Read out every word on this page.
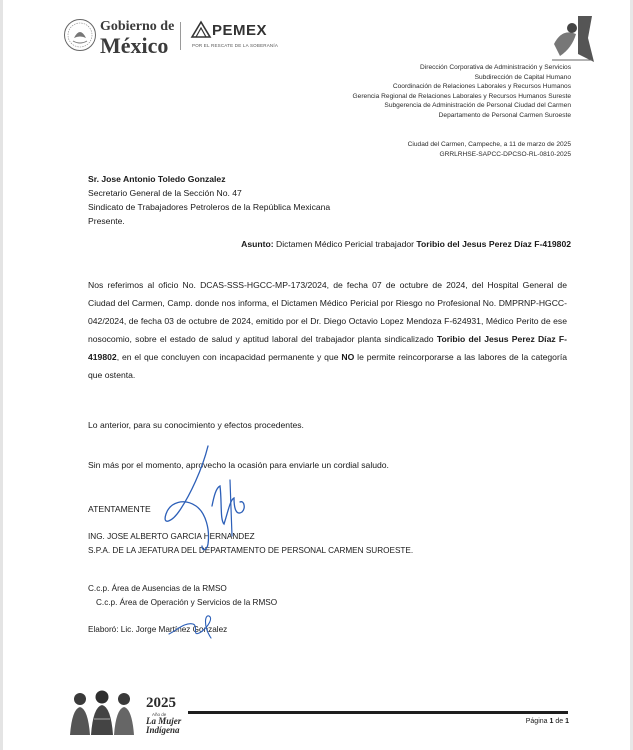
Gobierno de
México
PEMEX
POR EL RESCATE DE LA SOBERANÍA
Dirección Corporativa de Administración y Servicios
Subdirección de Capital Humano
Coordinación de Relaciones Laborales y Recursos Humanos
Gerencia Regional de Relaciones Laborales y Recursos Humanos Sureste
Subgerencia de Administración de Personal Ciudad del Carmen
Departamento de Personal Carmen Suroeste
Ciudad del Carmen, Campeche, a 11 de marzo de 2025
GRRLRHSE-SAPCC-DPCSO-RL-0810-2025
Sr. Jose Antonio Toledo Gonzalez
Secretario General de la Sección No. 47
Sindicato de Trabajadores Petroleros de la República Mexicana
Presente.
Asunto: Dictamen Médico Pericial trabajador Toribio del Jesus Perez Díaz F-419802
Nos referimos al oficio No. DCAS-SSS-HGCC-MP-173/2024, de fecha 07 de octubre de 2024, del Hospital General de Ciudad del Carmen, Camp. donde nos informa, el Dictamen Médico Pericial por Riesgo no Profesional No. DMPRNP-HGCC-042/2024, de fecha 03 de octubre de 2024, emitido por el Dr. Diego Octavio Lopez Mendoza F-624931, Médico Perito de ese nosocomio, sobre el estado de salud y aptitud laboral del trabajador planta sindicalizado Toribio del Jesus Perez Díaz F-419802, en el que concluyen con incapacidad permanente y que NO le permite reincorporarse a las labores de la categoría que ostenta.
Lo anterior, para su conocimiento y efectos procedentes.
Sin más por el momento, aprovecho la ocasión para enviarle un cordial saludo.
ATENTAMENTE
ING. JOSE ALBERTO GARCIA HERNANDEZ
S.P.A. DE LA JEFATURA DEL DEPARTAMENTO DE PERSONAL CARMEN SUROESTE.
C.c.p. Área de Ausencias de la RMSO
C.c.p. Área de Operación y Servicios de la RMSO
Elaboró: Lic. Jorge Martínez Gonzalez
2025
Año de
La Mujer
Indígena
Página 1 de 1
